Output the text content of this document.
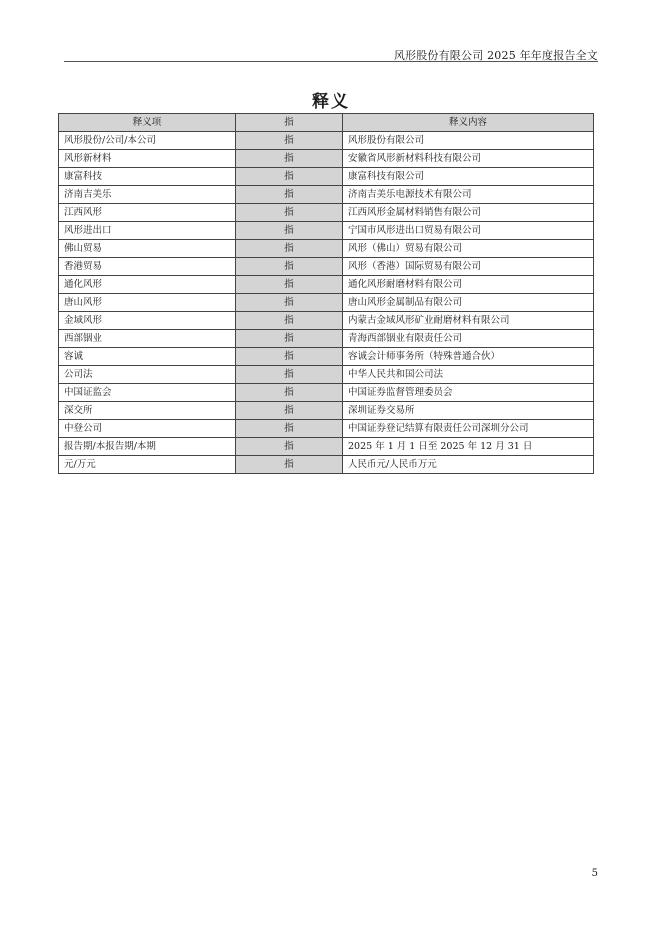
风形股份有限公司 2025 年年度报告全文
释义
释义项	指	释义内容
风形股份/公司/本公司	指	风形股份有限公司
风形新材料	指	安徽省风形新材料科技有限公司
康富科技	指	康富科技有限公司
济南吉美乐	指	济南吉美乐电源技术有限公司
江西风形	指	江西风形金属材料销售有限公司
风形进出口	指	宁国市风形进出口贸易有限公司
佛山贸易	指	风形（佛山）贸易有限公司
香港贸易	指	风形（香港）国际贸易有限公司
通化风形	指	通化风形耐磨材料有限公司
唐山风形	指	唐山风形金属制品有限公司
金域风形	指	内蒙古金域风形矿业耐磨材料有限公司
西部铟业	指	青海西部铟业有限责任公司
容诚	指	容诚会计师事务所（特殊普通合伙）
公司法	指	中华人民共和国公司法
中国证监会	指	中国证券监督管理委员会
深交所	指	深圳证券交易所
中登公司	指	中国证券登记结算有限责任公司深圳分公司
报告期/本报告期/本期	指	2025 年 1 月 1 日至 2025 年 12 月 31 日
元/万元	指	人民币元/人民币万元
5
